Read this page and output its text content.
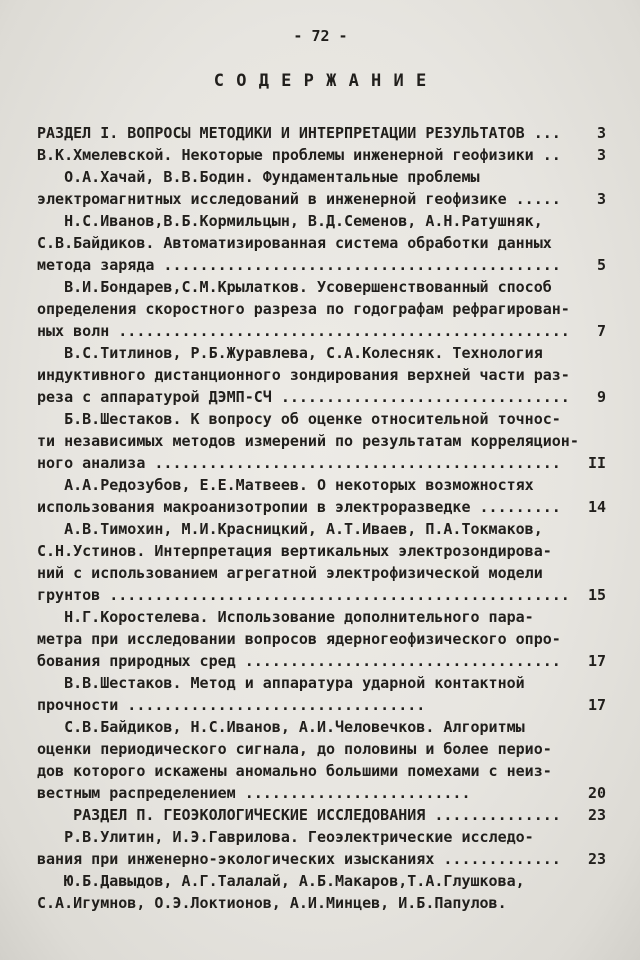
- 72 -
С О Д Е Р Ж А Н И Е
РАЗДЕЛ I. ВОПРОСЫ МЕТОДИКИ И ИНТЕРПРЕТАЦИИ РЕЗУЛЬТАТОВ ...	3
В.К.Хмелевской. Некоторые проблемы инженерной геофизики ..	3
О.А.Хачай, В.В.Бодин. Фундаментальные проблемы
электромагнитных исследований в инженерной геофизике .....	3
Н.С.Иванов,В.Б.Кормильцын, В.Д.Семенов, А.Н.Ратушняк,
С.В.Байдиков. Автоматизированная система обработки данных
метода заряда ............................................	5
В.И.Бондарев,С.М.Крылатков. Усовершенствованный способ
определения скоростного разреза по годографам рефрагирован-
ных волн ..................................................	7
В.С.Титлинов, Р.Б.Журавлева, С.А.Колесняк. Технология
индуктивного дистанционного зондирования верхней части раз-
реза с аппаратурой ДЭМП-СЧ ................................	9
Б.В.Шестаков. К вопросу об оценке относительной точнос-
ти независимых методов измерений по результатам корреляцион-
ного анализа .............................................	II
А.А.Редозубов, Е.Е.Матвеев. О некоторых возможностях
использования макроанизотропии в электроразведке .........	14
А.В.Тимохин, М.И.Красницкий, А.Т.Иваев, П.А.Токмаков,
С.Н.Устинов. Интерпретация вертикальных электрозондирова-
ний с использованием агрегатной электрофизической модели
грунтов ...................................................	15
Н.Г.Коростелева. Использование дополнительного пара-
метра при исследовании вопросов ядерногеофизического опро-
бования природных сред ...................................	17
В.В.Шестаков. Метод и аппаратура ударной контактной
прочности .................................	17
С.В.Байдиков, Н.С.Иванов, А.И.Человечков. Алгоритмы
оценки периодического сигнала, до половины и более перио-
дов которого искажены аномально большими помехами с неиз-
вестным распределением .........................	20
РАЗДЕЛ П. ГЕОЭКОЛОГИЧЕСКИЕ ИССЛЕДОВАНИЯ ..............	23
Р.В.Улитин, И.Э.Гаврилова. Геоэлектрические исследо-
вания при инженерно-экологических изысканиях .............	23
Ю.Б.Давыдов, А.Г.Талалай, А.Б.Макаров,Т.А.Глушкова,
С.А.Игумнов, О.Э.Локтионов, А.И.Минцев, И.Б.Папулов.
